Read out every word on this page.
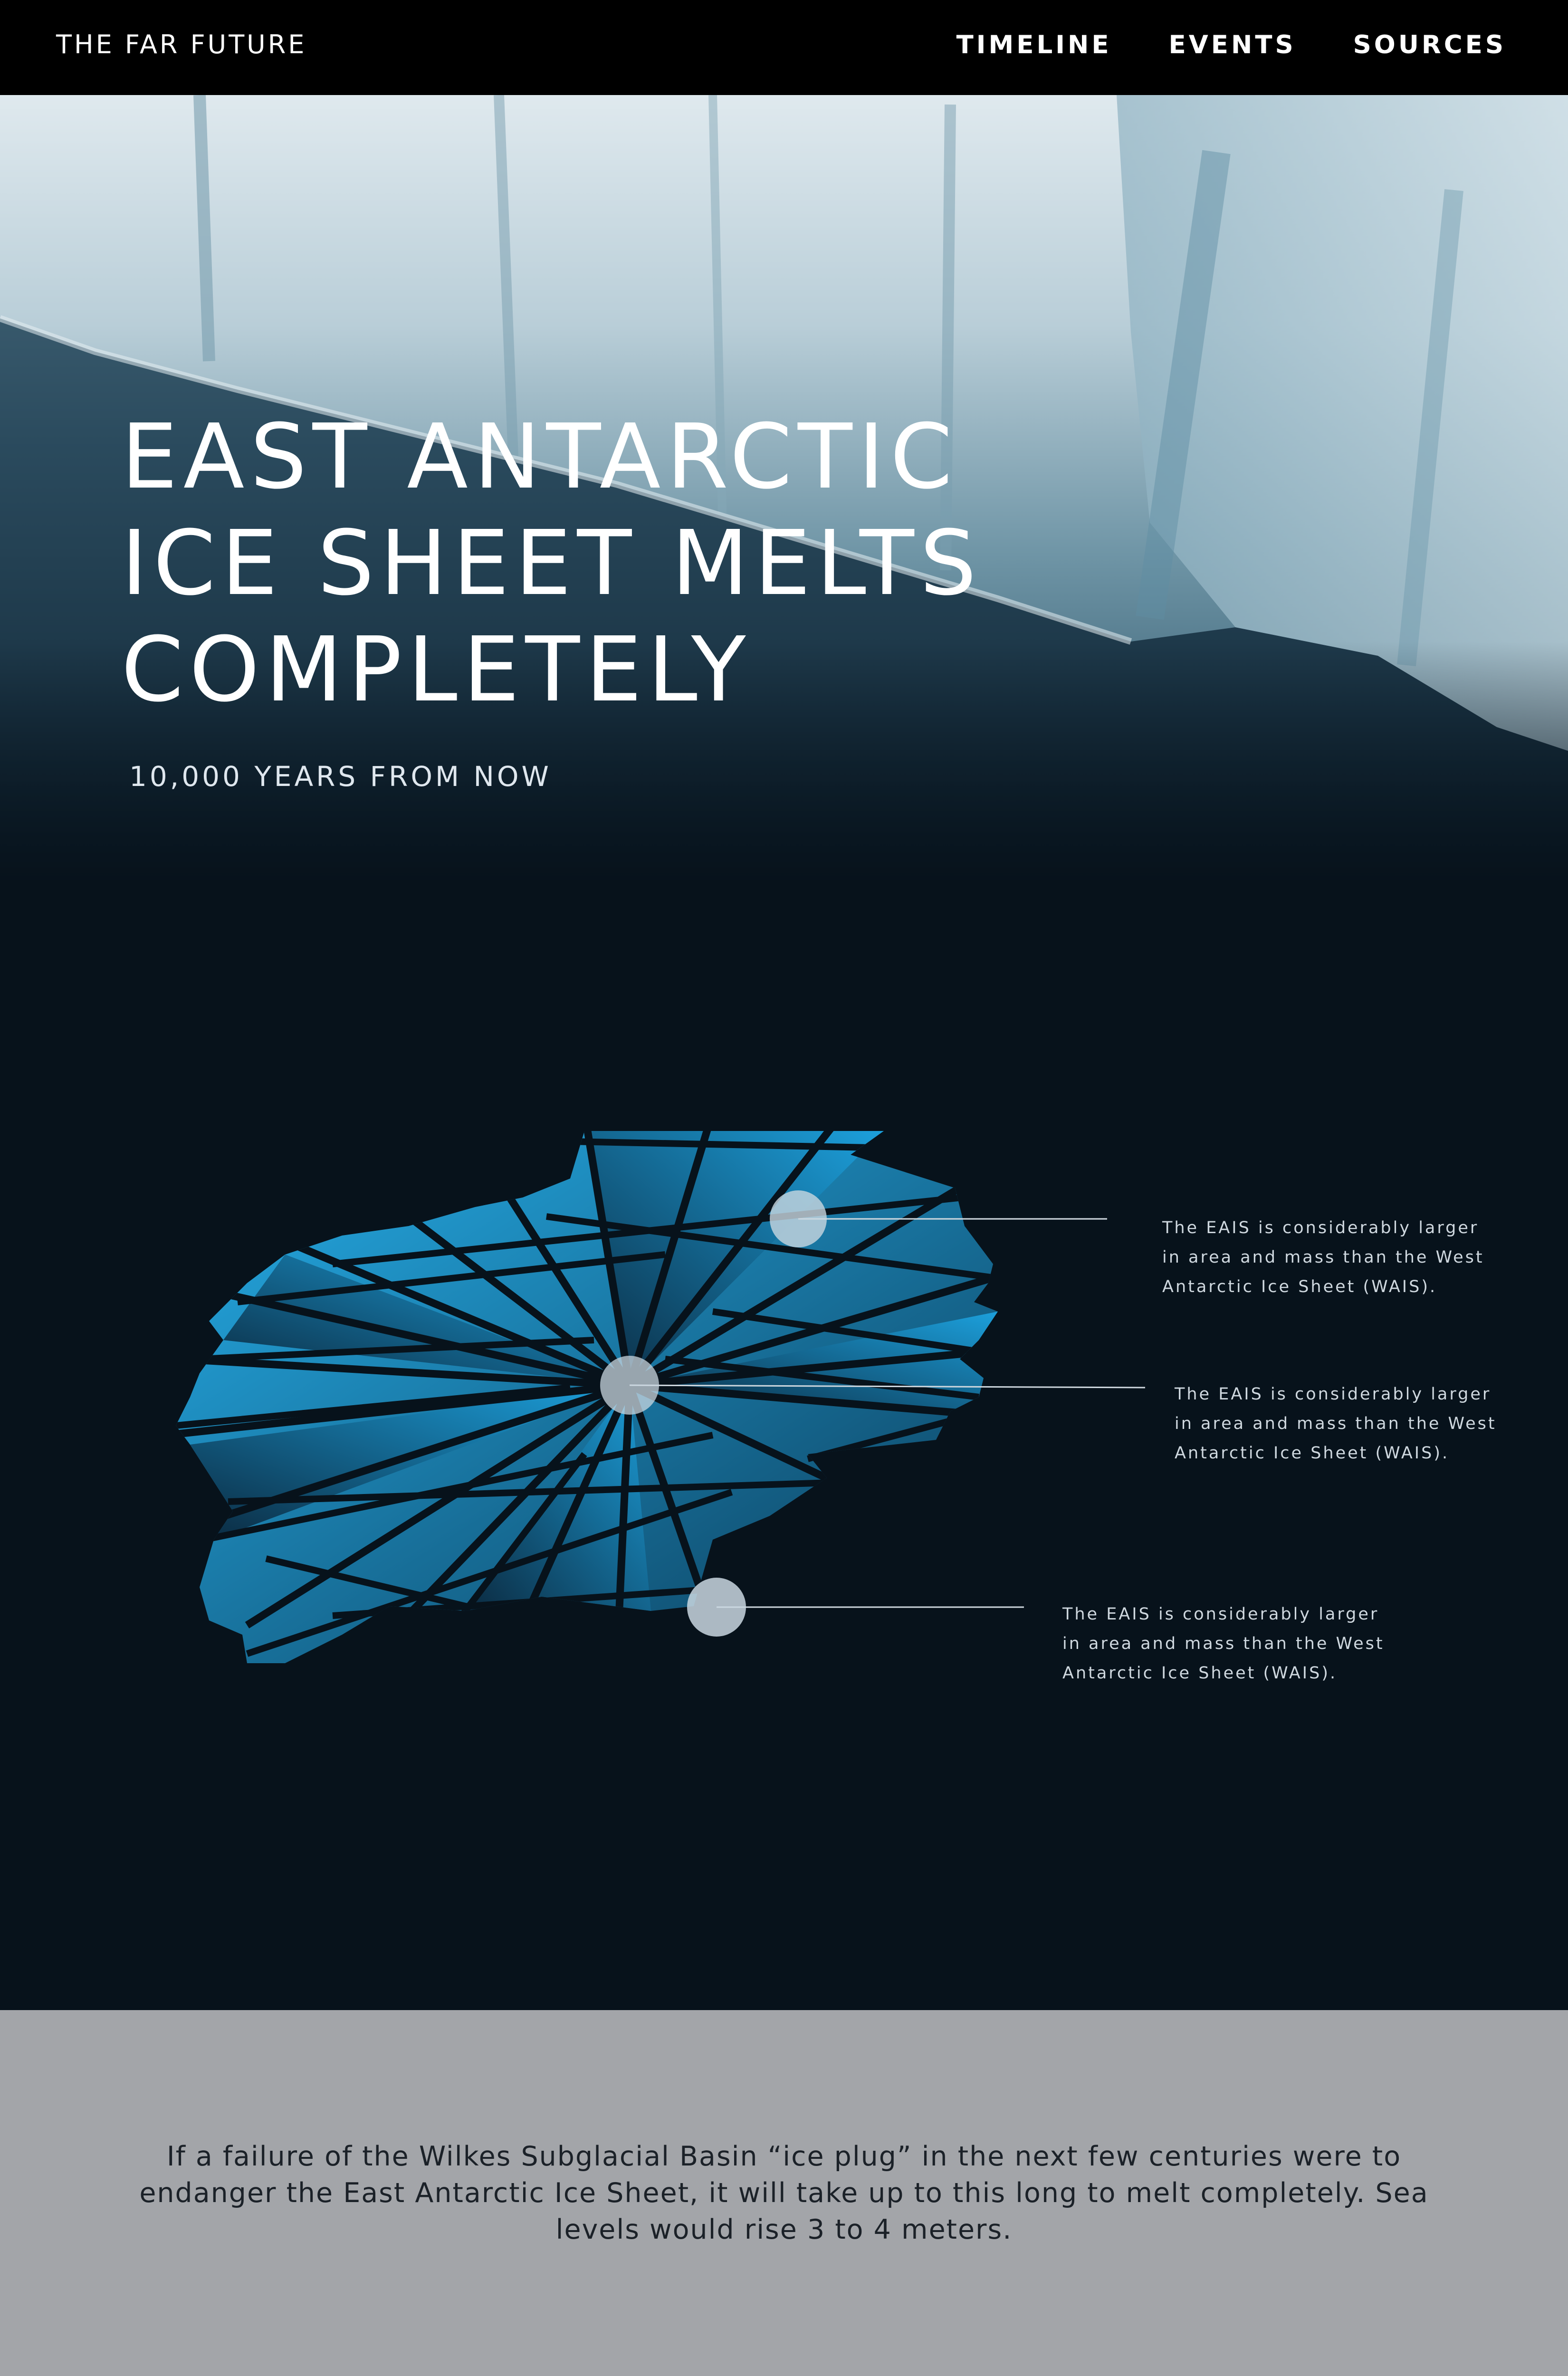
THE FAR FUTURE	TIMELINE EVENTS SOURCES
EAST ANTARCTIC
ICE SHEET MELTS
COMPLETELY
10,000 YEARS FROM NOW
The EAIS is considerably larger in area and mass than the West Antarctic Ice Sheet (WAIS).
The EAIS is considerably larger in area and mass than the West Antarctic Ice Sheet (WAIS).
The EAIS is considerably larger in area and mass than the West Antarctic Ice Sheet (WAIS).

If a failure of the Wilkes Subglacial Basin “ice plug” in the next few centuries were to endanger the East Antarctic Ice Sheet, it will take up to this long to melt completely. Sea levels would rise 3 to 4 meters.
